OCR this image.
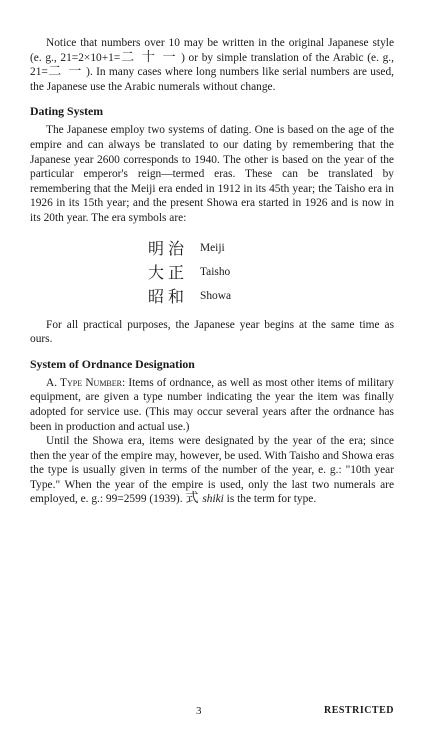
Notice that numbers over 10 may be written in the original Japanese style (e. g., 21=2×10+1=二 十 一 ) or by simple translation of the Arabic (e. g., 21=二 一 ). In many cases where long numbers like serial numbers are used, the Japanese use the Arabic numerals without change.

Dating System

The Japanese employ two systems of dating. One is based on the age of the empire and can always be translated to our dating by remembering that the Japanese year 2600 corresponds to 1940. The other is based on the year of the particular emperor's reign—termed eras. These can be translated by remembering that the Meiji era ended in 1912 in its 45th year; the Taisho era in 1926 in its 15th year; and the present Showa era started in 1926 and is now in its 20th year. The era symbols are:

明治	Meiji
大正	Taisho
昭和	Showa

For all practical purposes, the Japanese year begins at the same time as ours.

System of Ordnance Designation

A. Type Number: Items of ordnance, as well as most other items of military equipment, are given a type number indicating the year the item was finally adopted for service use. (This may occur several years after the ordnance has been in production and actual use.)

Until the Showa era, items were designated by the year of the era; since then the year of the empire may, however, be used. With Taisho and Showa eras the type is usually given in terms of the number of the year, e. g.: "10th year Type." When the year of the empire is used, only the last two numerals are employed, e. g.: 99=2599 (1939). 式 shiki is the term for type.

3	RESTRICTED
